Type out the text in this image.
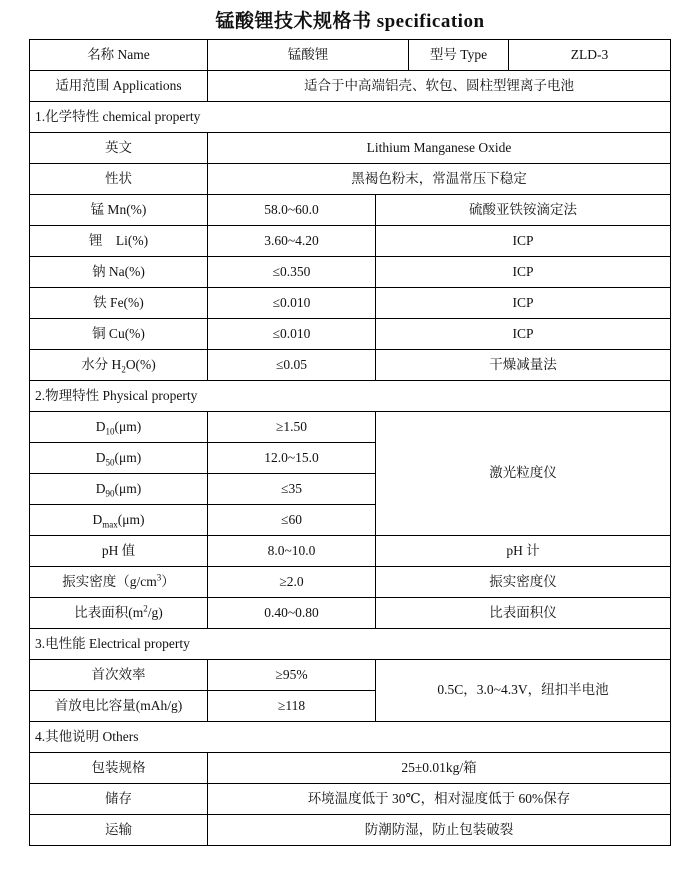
锰酸锂技术规格书 specification
名称 Name	锰酸锂		型号 Type	ZLD-3
适用范围 Applications	适合于中高端铝壳、软包、圆柱型锂离子电池			
1.化学特性 chemical property				
英文	Lithium Manganese Oxide			
性状	黑褐色粉末，常温常压下稳定			
锰 Mn(%)	58.0~60.0	硫酸亚铁铵滴定法		
锂    Li(%)	3.60~4.20	ICP		
钠 Na(%)	≤0.350	ICP		
铁 Fe(%)	≤0.010	ICP		
铜 Cu(%)	≤0.010	ICP		
水分 $H_2O(\%)$	≤0.05	干燥减量法		
2.物理特性 Physical property				
$D_{10}(\mu m)$	≥1.50	激光粒度仪		
$D_{50}(\mu m)$	12.0~15.0			
$D_{90}(\mu m)$	≤35			
$D_{max}(\mu m)$	≤60			
pH 值	8.0~10.0	pH 计		
振实密度$(g/cm^3)$	≥2.0	振实密度仪		
比表面积$(m^2/g)$	0.40~0.80	比表面积仪		
3.电性能 Electrical property				
首次效率	≥95%	0.5C，3.0~4.3V，纽扣半电池		
首放电比容量(mAh/g)	≥118			
4.其他说明 Others				
包装规格	25±0.01kg/箱			
储存	环境温度低于 30℃，相对湿度低于 60%保存			
运输	防潮防湿，防止包装破裂			
